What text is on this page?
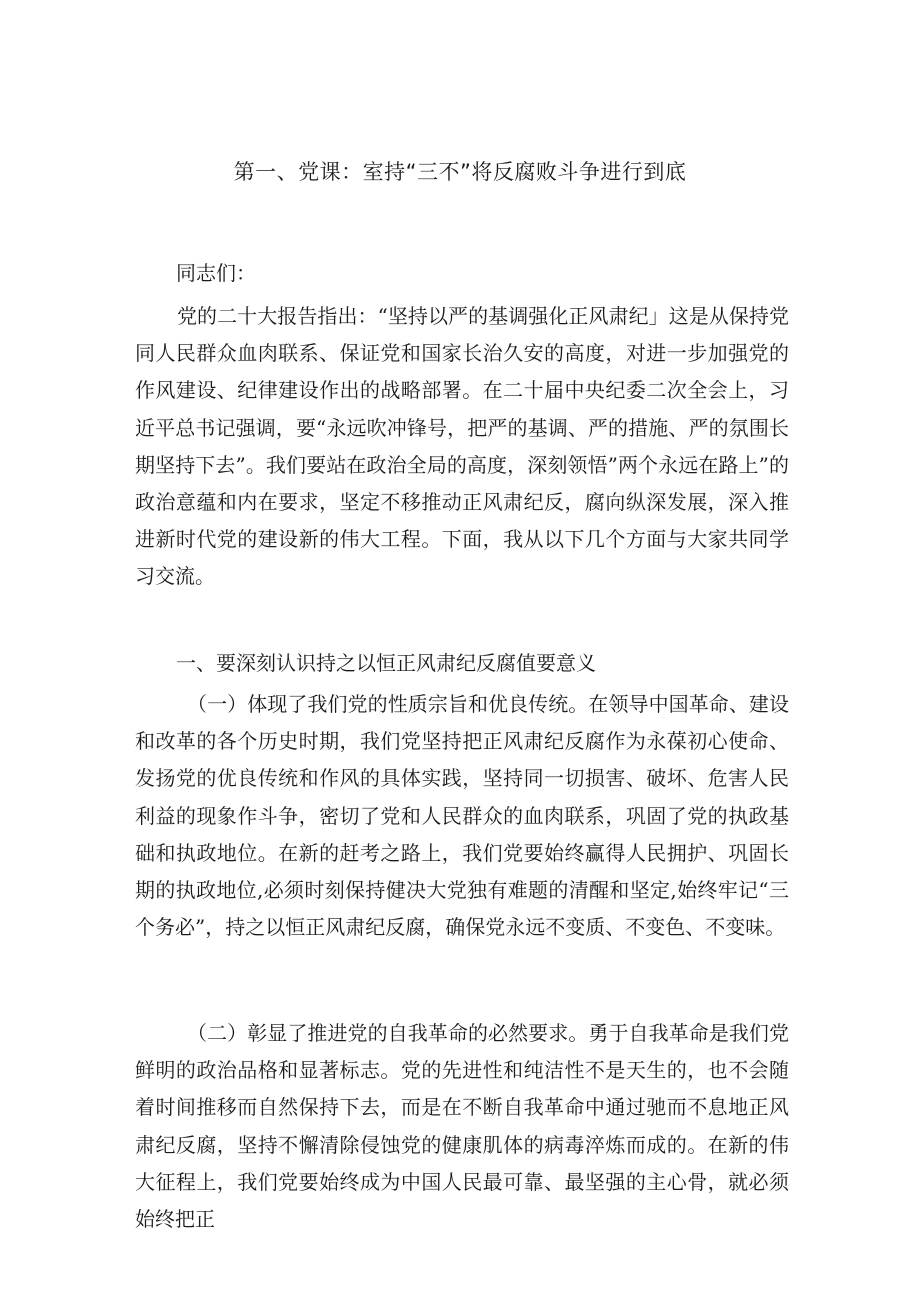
第一、党课：室持“三不”将反腐败斗争进行到底

同志们：

党的二十大报告指出：“坚持以严的基调强化正风肃纪」这是从保持党同人民群众血肉联系、保证党和国家长治久安的高度，对进一步加强党的作风建设、纪律建设作出的战略部署。在二十届中央纪委二次全会上，习近平总书记强调，要“永远吹冲锋号，把严的基调、严的措施、严的氛围长期坚持下去”。我们要站在政治全局的高度，深刻领悟”两个永远在路上”的政治意蕴和内在要求，坚定不移推动正风肃纪反，腐向纵深发展，深入推进新时代党的建设新的伟大工程。下面，我从以下几个方面与大家共同学习交流。

一、要深刻认识持之以恒正风肃纪反腐值要意义

（一）体现了我们党的性质宗旨和优良传统。在领导中国革命、建设和改革的各个历史时期，我们党坚持把正风肃纪反腐作为永葆初心使命、发扬党的优良传统和作风的具体实践，坚持同一切损害、破坏、危害人民利益的现象作斗争，密切了党和人民群众的血肉联系，巩固了党的执政基础和执政地位。在新的赶考之路上，我们党要始终赢得人民拥护、巩固长期的执政地位,必须时刻保持健决大党独有难题的清醒和坚定,始终牢记“三个务必”，持之以恒正风肃纪反腐，确保党永远不变质、不变色、不变味。

（二）彰显了推进党的自我革命的必然要求。勇于自我革命是我们党鲜明的政治品格和显著标志。党的先进性和纯洁性不是天生的，也不会随着时间推移而自然保持下去，而是在不断自我革命中通过驰而不息地正风肃纪反腐，坚持不懈清除侵蚀党的健康肌体的病毒淬炼而成的。在新的伟大征程上，我们党要始终成为中国人民最可靠、最坚强的主心骨，就必须始终把正
